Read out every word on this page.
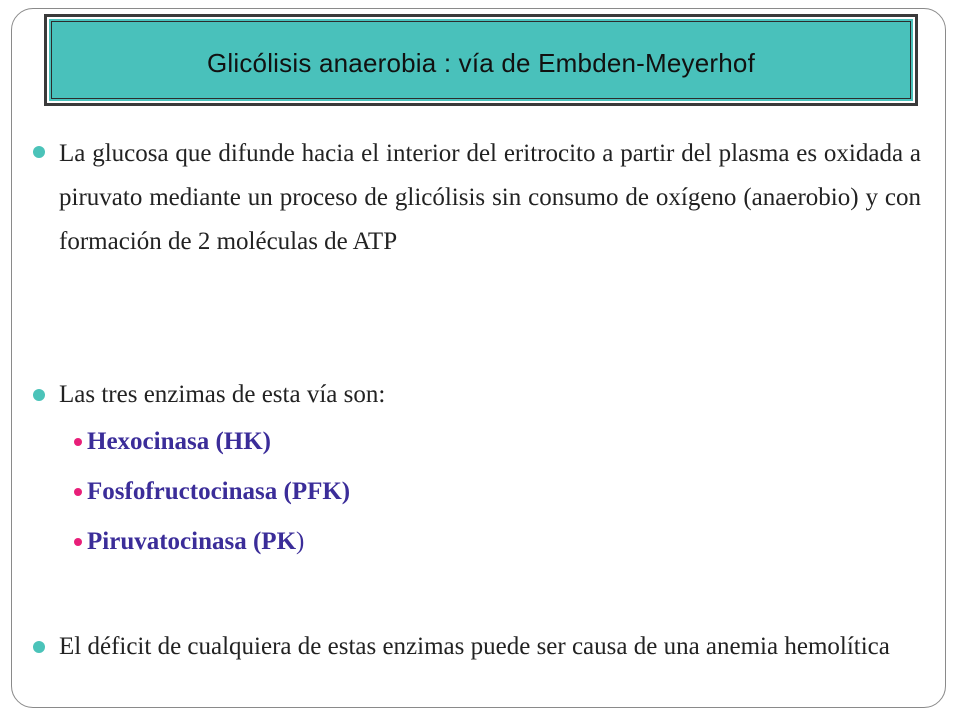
Glicólisis anaerobia : vía de Embden-Meyerhof
La glucosa que difunde hacia el interior del eritrocito a partir del plasma es oxidada a piruvato mediante un proceso de glicólisis sin consumo de oxígeno (anaerobio) y con formación de 2 moléculas de ATP
Las tres enzimas de esta vía son:
Hexocinasa (HK)
Fosfofructocinasa (PFK)
Piruvatocinasa (PK)
El déficit de cualquiera de estas enzimas puede ser causa de una anemia hemolítica
